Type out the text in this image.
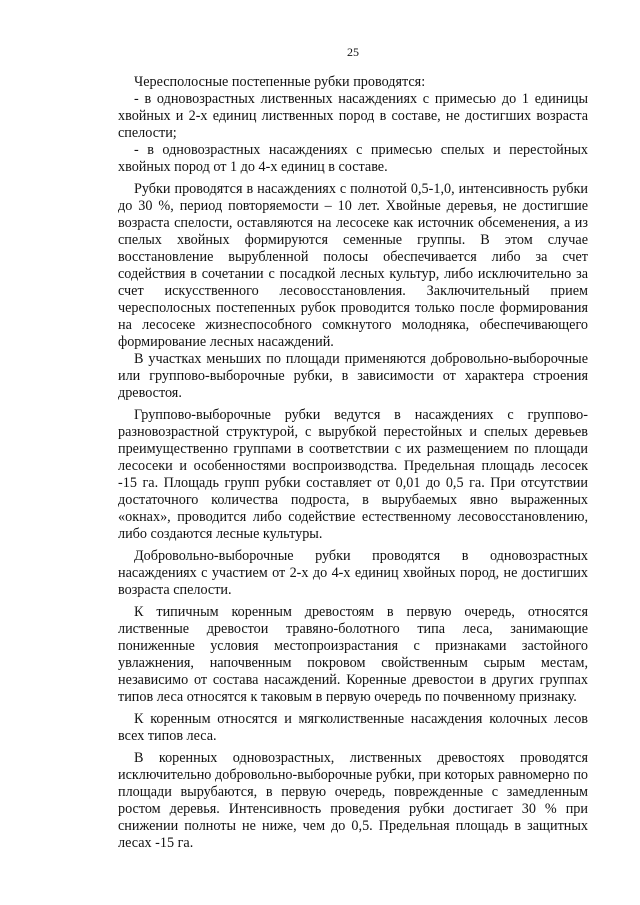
25

Чересполосные постепенные рубки проводятся:

- в одновозрастных лиственных насаждениях с примесью до 1 единицы хвойных и 2-х единиц лиственных пород в составе, не достигших возраста спелости;

- в одновозрастных насаждениях с примесью спелых и перестойных хвойных пород от 1 до 4-х единиц в составе.

Рубки проводятся в насаждениях с полнотой 0,5-1,0, интенсивность рубки до 30 %, период повторяемости – 10 лет. Хвойные деревья, не достигшие возраста спелости, оставляются на лесосеке как источник обсеменения, а из спелых хвойных формируются семенные группы. В этом случае восстановление вырубленной полосы обеспечивается либо за счет содействия в сочетании с посадкой лесных культур, либо исключительно за счет искусственного лесовосстановления. Заключительный прием чересполосных постепенных рубок проводится только после формирования на лесосеке жизнеспособного сомкнутого молодняка, обеспечивающего формирование лесных насаждений.

В участках меньших по площади применяются добровольно-выборочные или группово-выборочные рубки, в зависимости от характера строения древостоя.

Группово-выборочные рубки ведутся в насаждениях с группово-разновозрастной структурой, с вырубкой перестойных и спелых деревьев преимущественно группами в соответствии с их размещением по площади лесосеки и особенностями воспроизводства. Предельная площадь лесосек -15 га. Площадь групп рубки составляет от 0,01 до 0,5 га. При отсутствии достаточного количества подроста, в вырубаемых явно выраженных «окнах», проводится либо содействие естественному лесовосстановлению, либо создаются лесные культуры.

Добровольно-выборочные рубки проводятся в одновозрастных насаждениях с участием от 2-х до 4-х единиц хвойных пород, не достигших возраста спелости.

К типичным коренным древостоям в первую очередь, относятся лиственные древостои травяно-болотного типа леса, занимающие пониженные условия местопроизрастания с признаками застойного увлажнения, напочвенным покровом свойственным сырым местам, независимо от состава насаждений. Коренные древостои в других группах типов леса относятся к таковым в первую очередь по почвенному признаку.

К коренным относятся и мягколиственные насаждения колочных лесов всех типов леса.

В коренных одновозрастных, лиственных древостоях проводятся исключительно добровольно-выборочные рубки, при которых равномерно по площади вырубаются, в первую очередь, поврежденные с замедленным ростом деревья. Интенсивность проведения рубки достигает 30 % при снижении полноты не ниже, чем до 0,5. Предельная площадь в защитных лесах -15 га.
